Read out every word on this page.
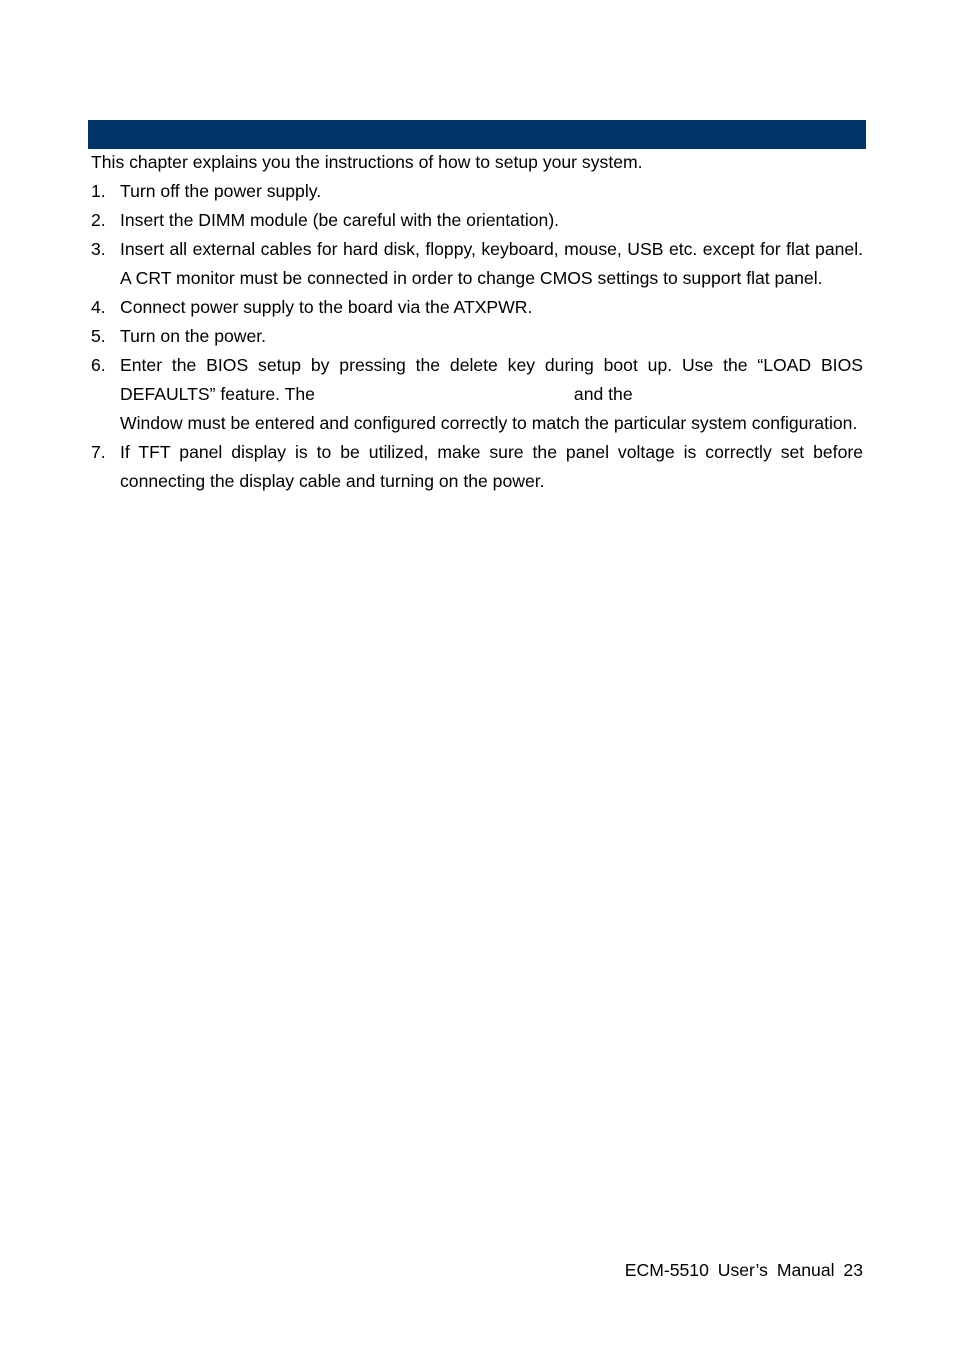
This chapter explains you the instructions of how to setup your system.

1. Turn off the power supply.
2. Insert the DIMM module (be careful with the orientation).
3. Insert all external cables for hard disk, floppy, keyboard, mouse, USB etc. except for flat panel. A CRT monitor must be connected in order to change CMOS settings to support flat panel.
4. Connect power supply to the board via the ATXPWR.
5. Turn on the power.
6. Enter the BIOS setup by pressing the delete key during boot up. Use the “LOAD BIOS
DEFAULTS” feature. The	and the
Window must be entered and configured correctly to match the particular system configuration.
7. If TFT panel display is to be utilized, make sure the panel voltage is correctly set before connecting the display cable and turning on the power.
ECM-5510 User’s Manual 23
